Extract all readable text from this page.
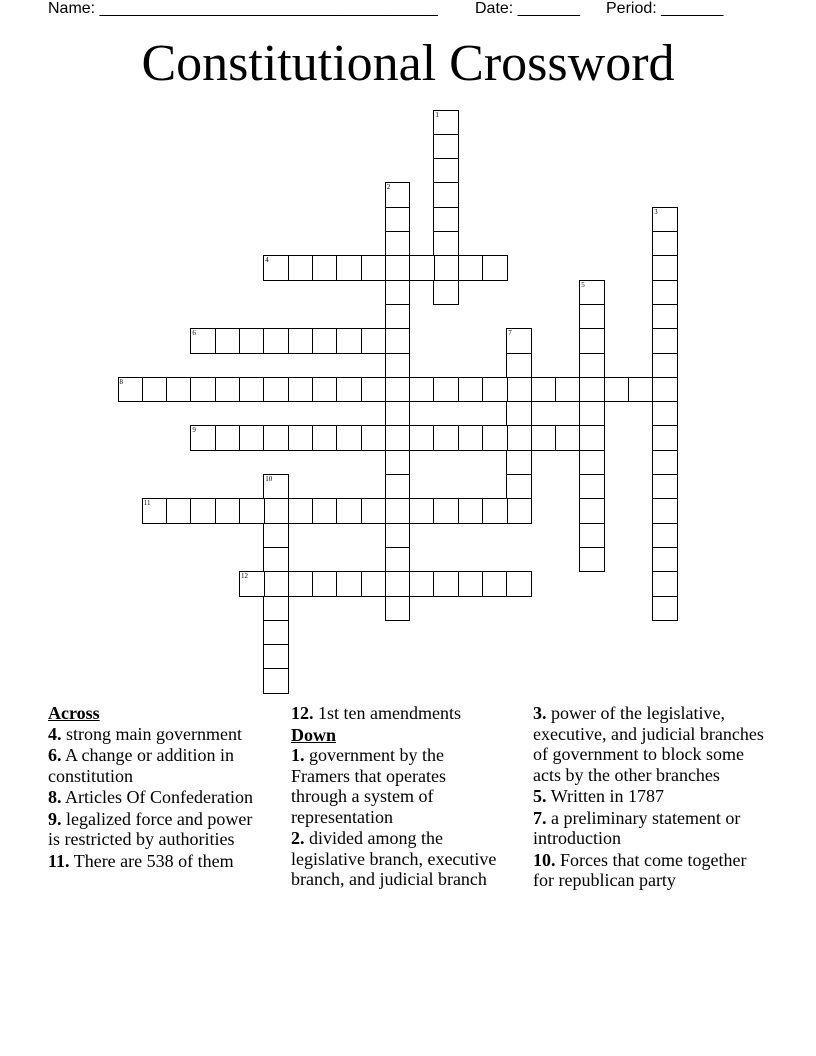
Name: ______________________________________ Date: _______ Period: _______
Constitutional Crossword
1
2
3
4
5
6	7
8
9
10
11
12

Across

4. strong main government

6. A change or addition in constitution

8. Articles Of Confederation

9. legalized force and power is restricted by authorities

11. There are 538 of them

12. 1st ten amendments

Down

1. government by the Framers that operates through a system of representation

2. divided among the legislative branch, executive branch, and judicial branch

3. power of the legislative, executive, and judicial branches of government to block some acts by the other branches

5. Written in 1787

7. a preliminary statement or introduction

10. Forces that come together for republican party
